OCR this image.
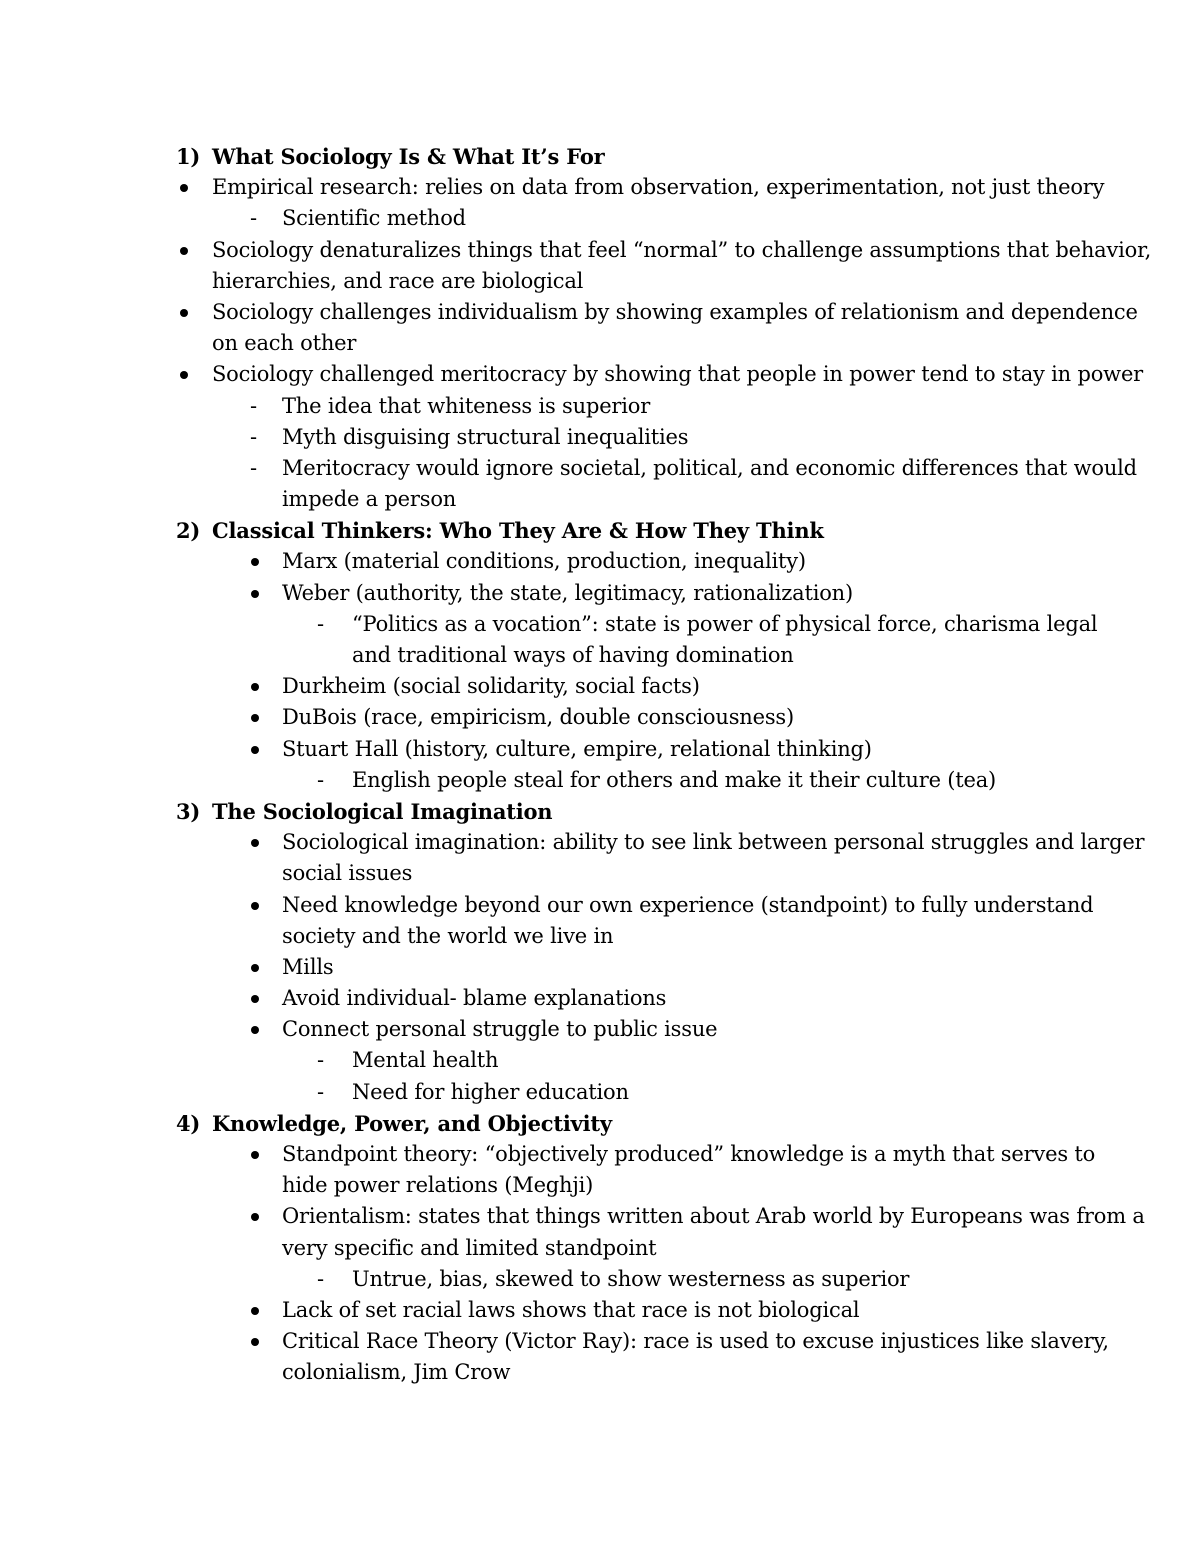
1) What Sociology Is & What It’s For
Empirical research: relies on data from observation, experimentation, not just theory
- Scientific method
Sociology denaturalizes things that feel “normal” to challenge assumptions that behavior,
hierarchies, and race are biological
Sociology challenges individualism by showing examples of relationism and dependence
on each other
Sociology challenged meritocracy by showing that people in power tend to stay in power
- The idea that whiteness is superior
- Myth disguising structural inequalities
- Meritocracy would ignore societal, political, and economic differences that would
impede a person
2) Classical Thinkers: Who They Are & How They Think
Marx (material conditions, production, inequality)
Weber (authority, the state, legitimacy, rationalization)
- “Politics as a vocation”: state is power of physical force, charisma legal
and traditional ways of having domination
Durkheim (social solidarity, social facts)
DuBois (race, empiricism, double consciousness)
Stuart Hall (history, culture, empire, relational thinking)
- English people steal for others and make it their culture (tea)
3) The Sociological Imagination
Sociological imagination: ability to see link between personal struggles and larger
social issues
Need knowledge beyond our own experience (standpoint) to fully understand
society and the world we live in
Mills
Avoid individual- blame explanations
Connect personal struggle to public issue
- Mental health
- Need for higher education
4) Knowledge, Power, and Objectivity
Standpoint theory: “objectively produced” knowledge is a myth that serves to
hide power relations (Meghji)
Orientalism: states that things written about Arab world by Europeans was from a
very specific and limited standpoint
- Untrue, bias, skewed to show westerness as superior
Lack of set racial laws shows that race is not biological
Critical Race Theory (Victor Ray): race is used to excuse injustices like slavery,
colonialism, Jim Crow
